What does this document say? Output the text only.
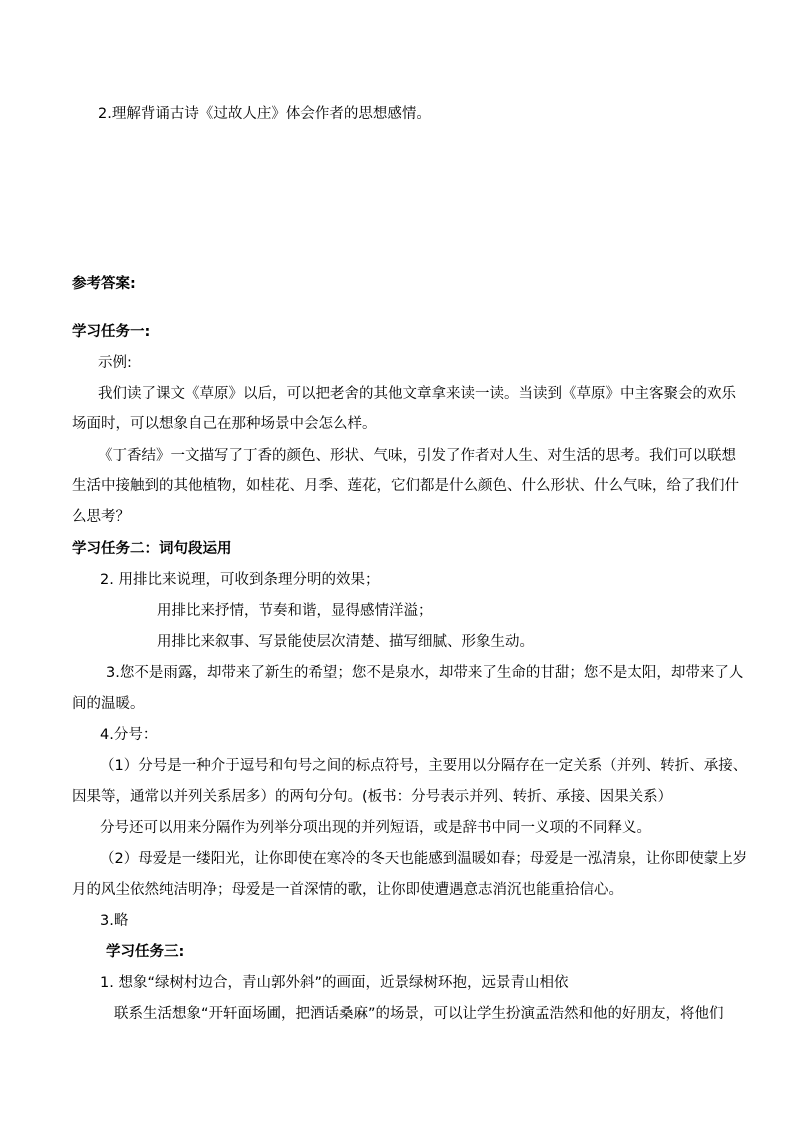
2.理解背诵古诗《过故人庄》体会作者的思想感情。

参考答案:

学习任务一:

示例:

我们读了课文《草原》以后，可以把老舍的其他文章拿来读一读。当读到《草原》中主客聚会的欢乐

场面时，可以想象自己在那种场景中会怎么样。

《丁香结》一文描写了丁香的颜色、形状、气味，引发了作者对人生、对生活的思考。我们可以联想

生活中接触到的其他植物，如桂花、月季、莲花，它们都是什么颜色、什么形状、什么气味，给了我们什

么思考？

学习任务二：词句段运用

2. 用排比来说理，可收到条理分明的效果；

用排比来抒情，节奏和谐，显得感情洋溢；

用排比来叙事、写景能使层次清楚、描写细腻、形象生动。

3.您不是雨露，却带来了新生的希望；您不是泉水，却带来了生命的甘甜；您不是太阳，却带来了人

间的温暖。

4.分号：

（1）分号是一种介于逗号和句号之间的标点符号，主要用以分隔存在一定关系（并列、转折、承接、

因果等，通常以并列关系居多）的两句分句。(板书：分号表示并列、转折、承接、因果关系）

分号还可以用来分隔作为列举分项出现的并列短语，或是辞书中同一义项的不同释义。

（2）母爱是一缕阳光，让你即使在寒冷的冬天也能感到温暖如春；母爱是一泓清泉，让你即使蒙上岁

月的风尘依然纯洁明净；母爱是一首深情的歌，让你即使遭遇意志消沉也能重拾信心。

3.略

学习任务三:

1. 想象“绿树村边合，青山郭外斜”的画面，近景绿树环抱，远景青山相依

联系生活想象“开轩面场圃，把酒话桑麻”的场景，可以让学生扮演孟浩然和他的好朋友，将他们
